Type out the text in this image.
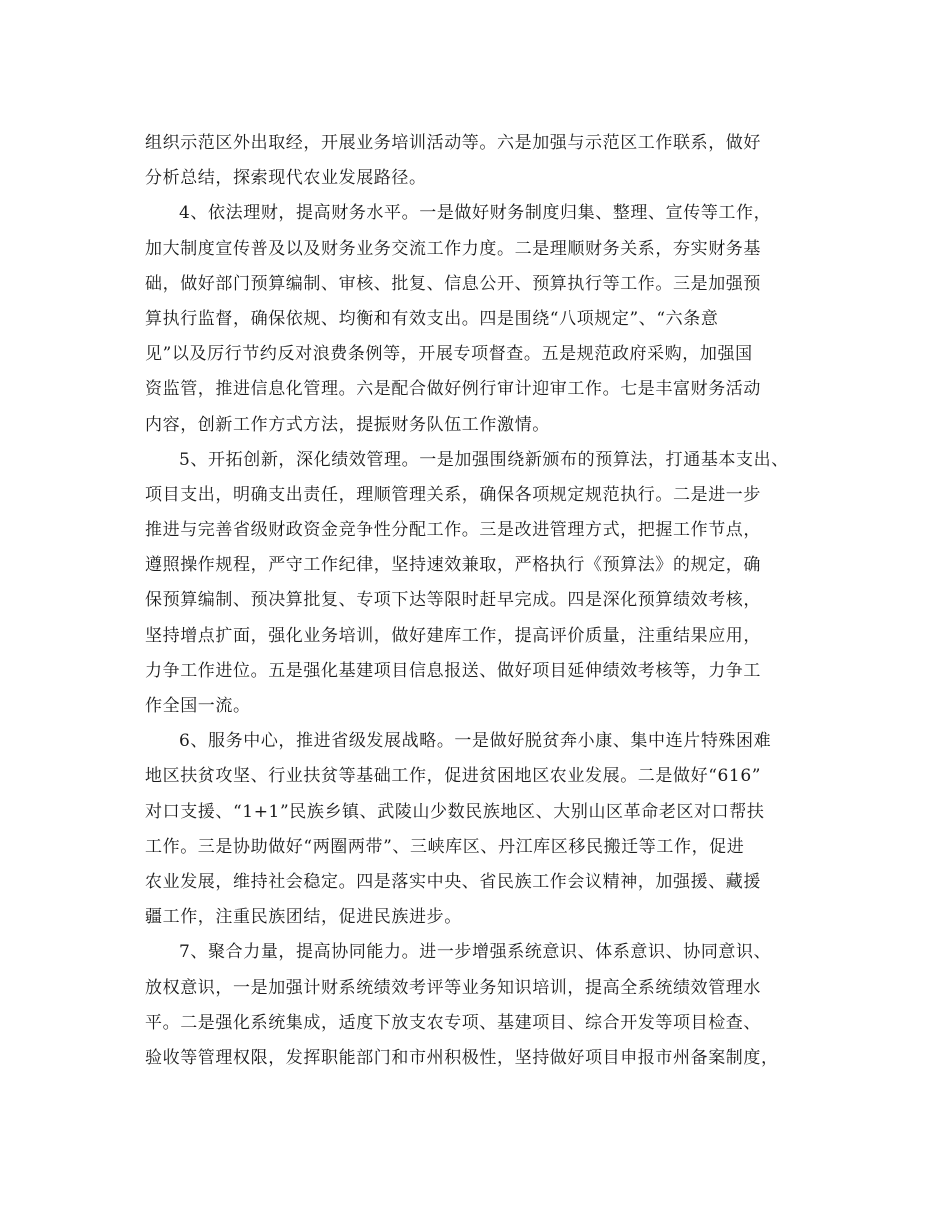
组织示范区外出取经，开展业务培训活动等。六是加强与示范区工作联系，做好
分析总结，探索现代农业发展路径。
4、依法理财，提高财务水平。一是做好财务制度归集、整理、宣传等工作，
加大制度宣传普及以及财务业务交流工作力度。二是理顺财务关系，夯实财务基
础，做好部门预算编制、审核、批复、信息公开、预算执行等工作。三是加强预
算执行监督，确保依规、均衡和有效支出。四是围绕“八项规定”、“六条意
见”以及厉行节约反对浪费条例等，开展专项督查。五是规范政府采购，加强国
资监管，推进信息化管理。六是配合做好例行审计迎审工作。七是丰富财务活动
内容，创新工作方式方法，提振财务队伍工作激情。
5、开拓创新，深化绩效管理。一是加强围绕新颁布的预算法，打通基本支出、
项目支出，明确支出责任，理顺管理关系，确保各项规定规范执行。二是进一步
推进与完善省级财政资金竞争性分配工作。三是改进管理方式，把握工作节点，
遵照操作规程，严守工作纪律，坚持速效兼取，严格执行《预算法》的规定，确
保预算编制、预决算批复、专项下达等限时赶早完成。四是深化预算绩效考核，
坚持增点扩面，强化业务培训，做好建库工作，提高评价质量，注重结果应用，
力争工作进位。五是强化基建项目信息报送、做好项目延伸绩效考核等，力争工
作全国一流。
6、服务中心，推进省级发展战略。一是做好脱贫奔小康、集中连片特殊困难
地区扶贫攻坚、行业扶贫等基础工作，促进贫困地区农业发展。二是做好“616”
对口支援、“1+1”民族乡镇、武陵山少数民族地区、大别山区革命老区对口帮扶
工作。三是协助做好“两圈两带”、三峡库区、丹江库区移民搬迁等工作，促进
农业发展，维持社会稳定。四是落实中央、省民族工作会议精神，加强援、藏援
疆工作，注重民族团结，促进民族进步。
7、聚合力量，提高协同能力。进一步增强系统意识、体系意识、协同意识、
放权意识，一是加强计财系统绩效考评等业务知识培训，提高全系统绩效管理水
平。二是强化系统集成，适度下放支农专项、基建项目、综合开发等项目检查、
验收等管理权限，发挥职能部门和市州积极性，坚持做好项目申报市州备案制度，
